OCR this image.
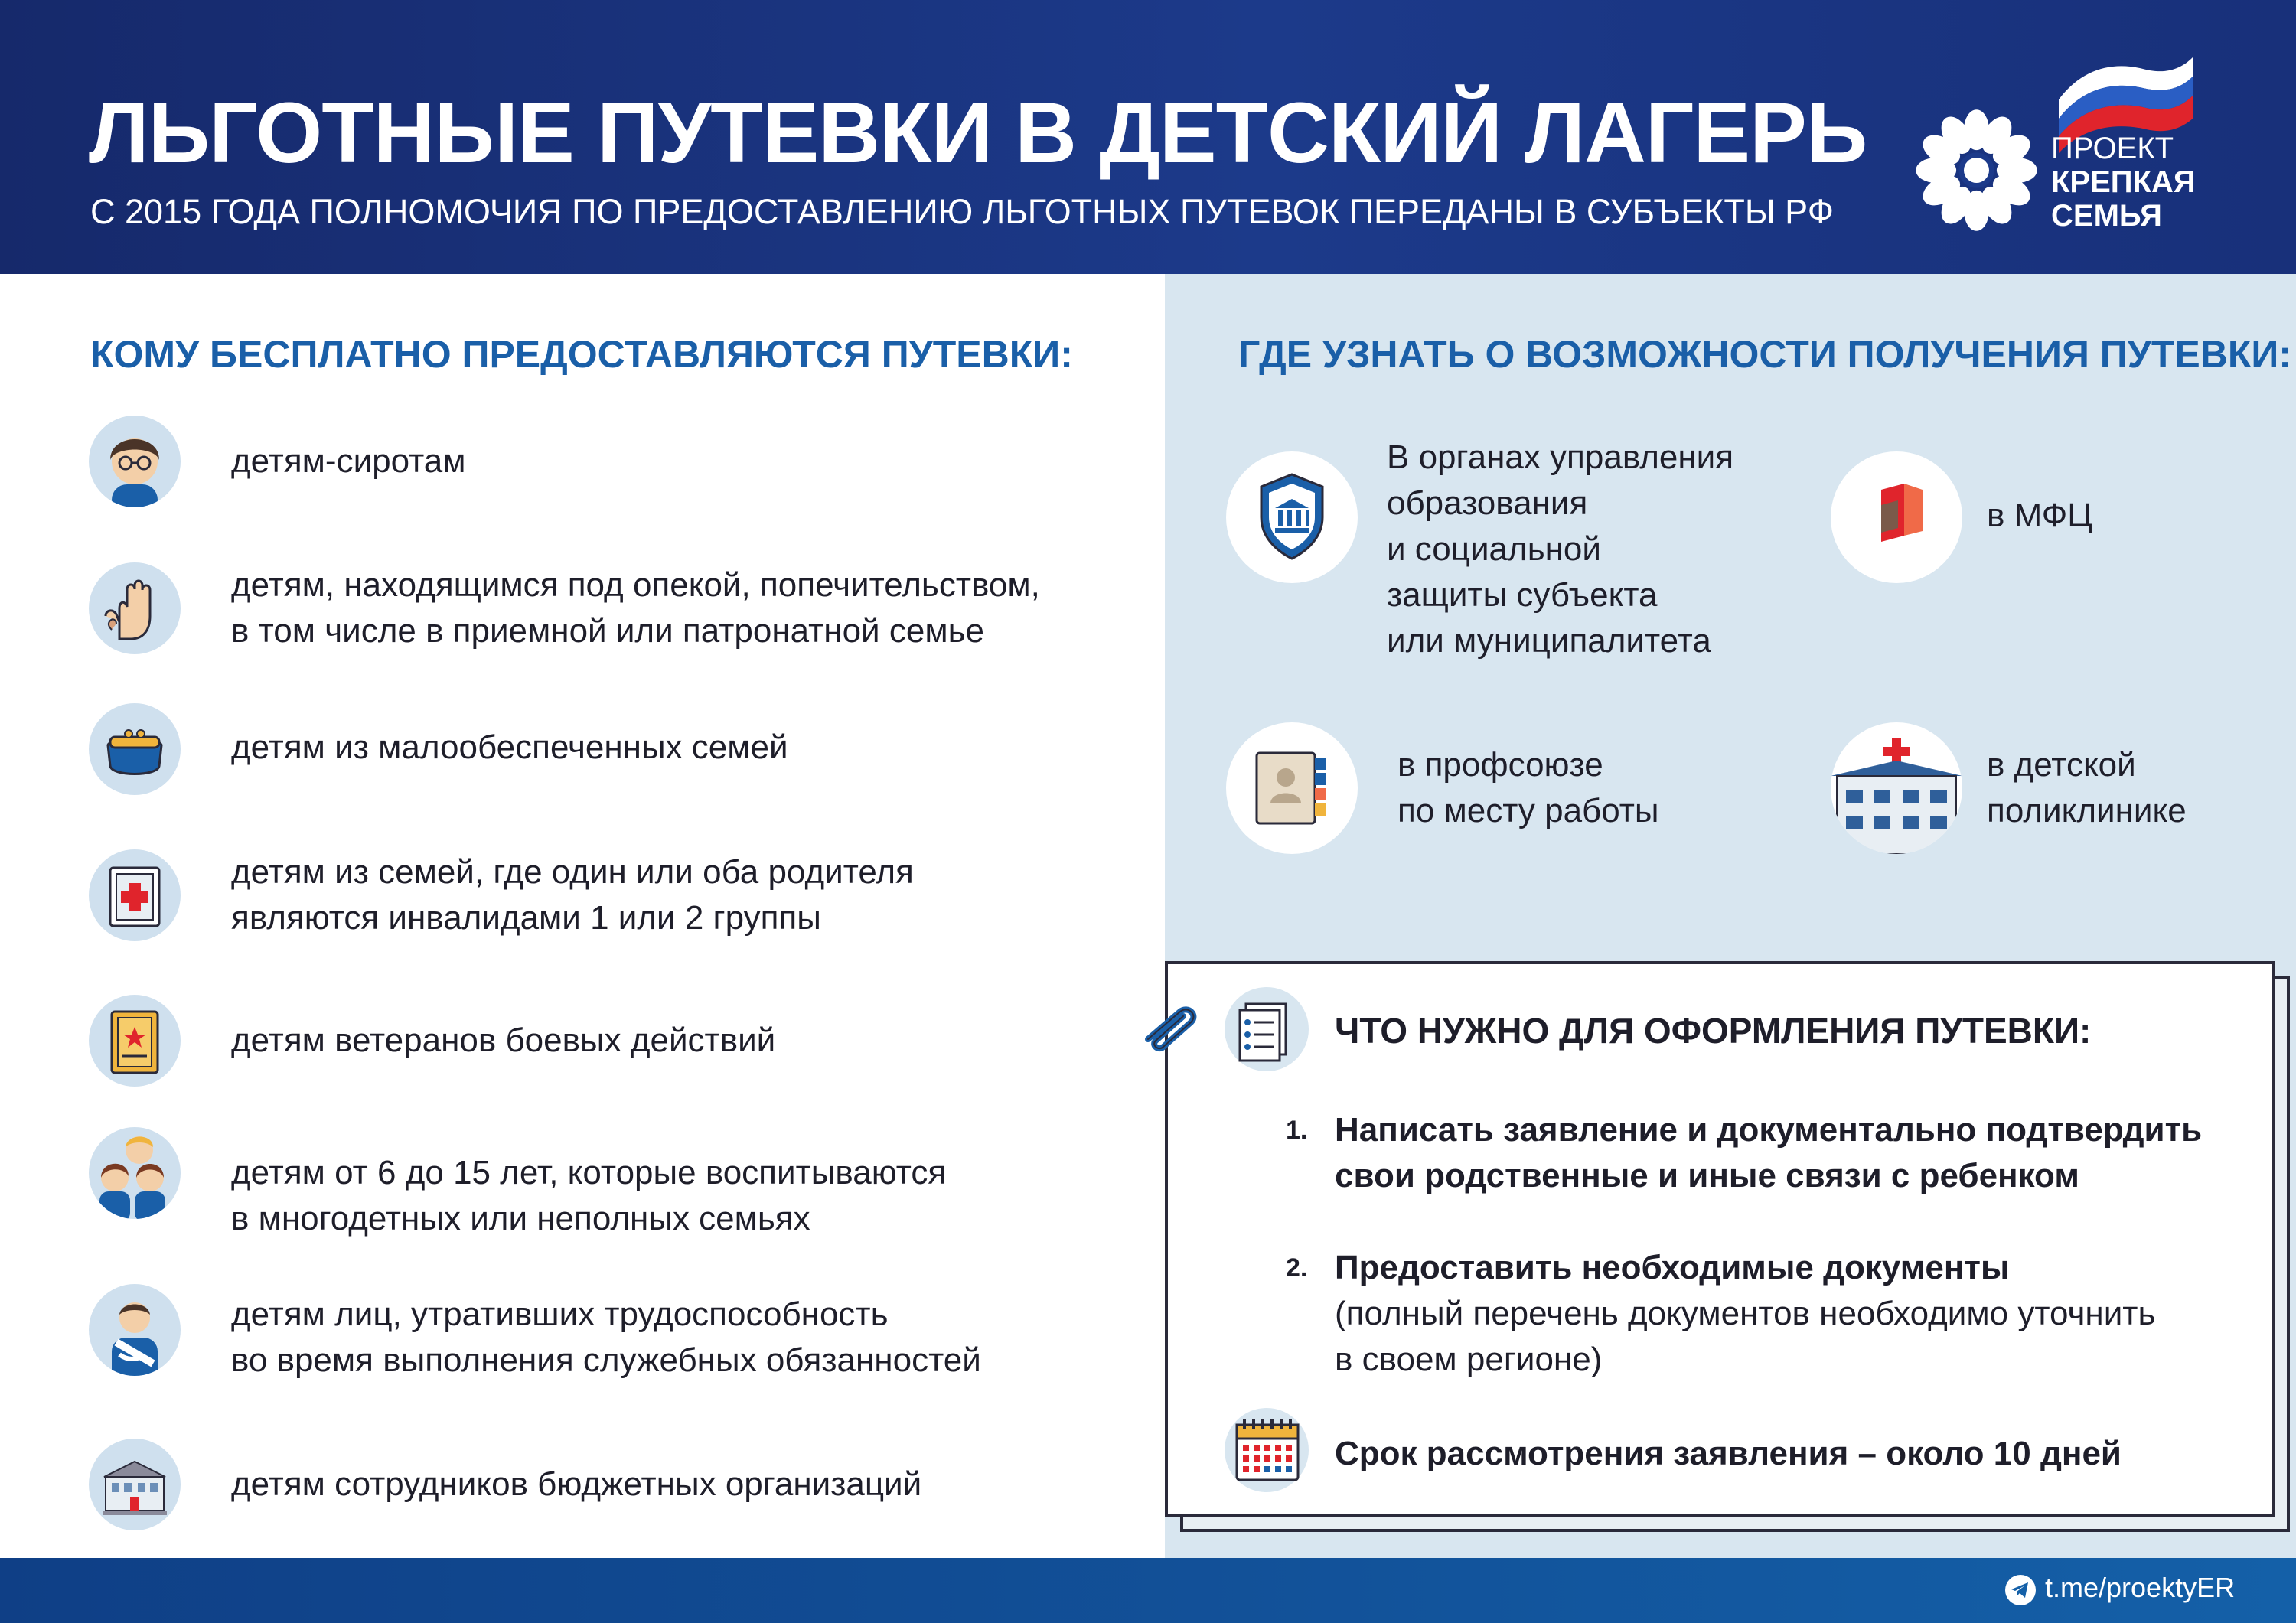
ЛЬГОТНЫЕ ПУТЕВКИ В ДЕТСКИЙ ЛАГЕРЬ
С 2015 ГОДА ПОЛНОМОЧИЯ ПО ПРЕДОСТАВЛЕНИЮ ЛЬГОТНЫХ ПУТЕВОК ПЕРЕДАНЫ В СУБЪЕКТЫ РФ
ПРОЕКТ
КРЕПКАЯ
СЕМЬЯ
КОМУ БЕСПЛАТНО ПРЕДОСТАВЛЯЮТСЯ ПУТЕВКИ:
детям-сиротам
детям, находящимся под опекой, попечительством,
в том числе в приемной или патронатной семье
детям из малообеспеченных семей
детям из семей, где один или оба родителя
являются инвалидами 1 или 2 группы
детям ветеранов боевых действий
детям от 6 до 15 лет, которые воспитываются
в многодетных или неполных семьях
детям лиц, утративших трудоспособность
во время выполнения служебных обязанностей
детям сотрудников бюджетных организаций
ГДЕ УЗНАТЬ О ВОЗМОЖНОСТИ ПОЛУЧЕНИЯ ПУТЕВКИ:
В органах управления
образования
и социальной
защиты субъекта
или муниципалитета
в МФЦ
в профсоюзе
по месту работы
в детской
поликлинике
ЧТО НУЖНО ДЛЯ ОФОРМЛЕНИЯ ПУТЕВКИ:
1. Написать заявление и документально подтвердить
свои родственные и иные связи с ребенком
2. Предоставить необходимые документы
(полный перечень документов необходимо уточнить
в своем регионе)
Срок рассмотрения заявления – около 10 дней
t.me/proektyER
